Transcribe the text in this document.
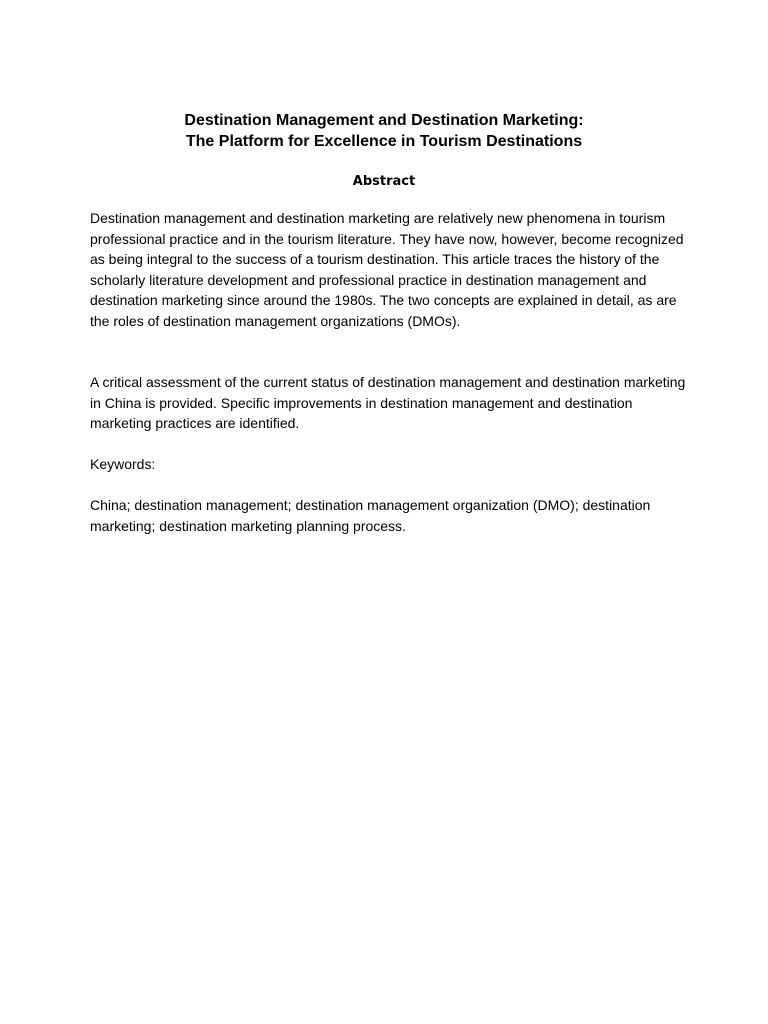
Destination Management and Destination Marketing:
The Platform for Excellence in Tourism Destinations
Abstract

Destination management and destination marketing are relatively new phenomena in tourism professional practice and in the tourism literature. They have now, however, become recognized as being integral to the success of a tourism destination. This article traces the history of the scholarly literature development and professional practice in destination management and destination marketing since around the 1980s. The two concepts are explained in detail, as are the roles of destination management organizations (DMOs).

A critical assessment of the current status of destination management and destination marketing in China is provided. Specific improvements in destination management and destination marketing practices are identified.

Keywords:

China; destination management; destination management organization (DMO); destination marketing; destination marketing planning process.
